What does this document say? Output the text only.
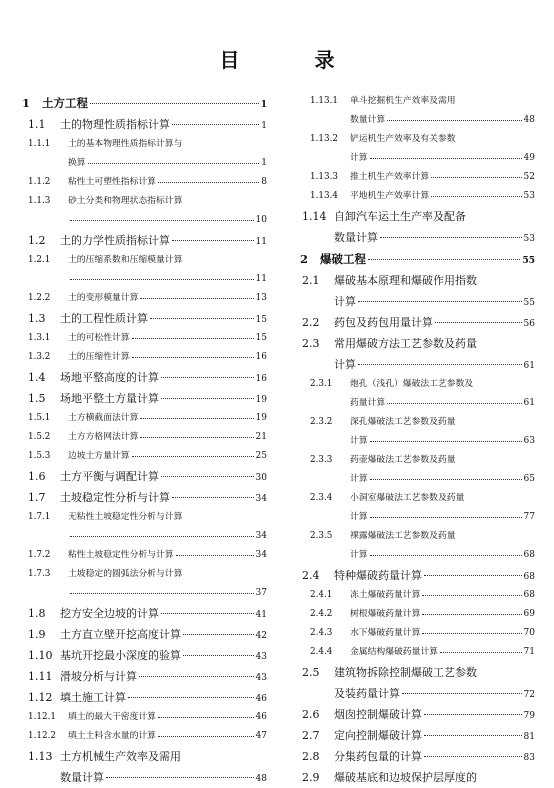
目 录
1	土方工程	1
1.1	土的物理性质指标计算	1
1.1.1	土的基本物理性质指标计算与
换算	1
1.1.2	粘性土可塑性指标计算	8
1.1.3	砂土分类和物理状态指标计算
10
1.2	土的力学性质指标计算	11
1.2.1	土的压缩系数和压缩模量计算
11
1.2.2	土的变形模量计算	13
1.3	土的工程性质计算	15
1.3.1	土的可松性计算	15
1.3.2	土的压缩性计算	16
1.4	场地平整高度的计算	16
1.5	场地平整土方量计算	19
1.5.1	土方横截面法计算	19
1.5.2	土方方格网法计算	21
1.5.3	边坡土方量计算	25
1.6	土方平衡与调配计算	30
1.7	土坡稳定性分析与计算	34
1.7.1	无粘性土坡稳定性分析与计算
34
1.7.2	粘性土坡稳定性分析与计算	34
1.7.3	土坡稳定的圆弧法分析与计算
37
1.8	挖方安全边坡的计算	41
1.9	土方直立壁开挖高度计算	42
1.10 基坑开挖最小深度的验算	43
1.11 滑坡分析与计算	43
1.12 填土施工计算	46
1.12.1	填土的最大干密度计算	46
1.12.2	填土土料含水量的计算	47
1.13 土方机械生产效率及需用
数量计算	48
1.13.1	单斗挖掘机生产效率及需用
数量计算	48
1.13.2	铲运机生产效率及有关参数
计算	49
1.13.3	推土机生产效率计算	52
1.13.4	平地机生产效率计算	53
1.14 自卸汽车运土生产率及配备
数量计算	53
2	爆破工程	55
2.1	爆破基本原理和爆破作用指数
计算	55
2.2	药包及药包用量计算	56
2.3	常用爆破方法工艺参数及药量
计算	61
2.3.1	炮孔（浅孔）爆破法工艺参数及
药量计算	61
2.3.2	深孔爆破法工艺参数及药量
计算	63
2.3.3	药壶爆破法工艺参数及药量
计算	65
2.3.4	小洞室爆破法工艺参数及药量
计算	77
2.3.5	裸露爆破法工艺参数及药量
计算	68
2.4	特种爆破药量计算	68
2.4.1	冻土爆破药量计算	68
2.4.2	树根爆破药量计算	69
2.4.3	水下爆破药量计算	70
2.4.4	金属结构爆破药量计算	71
2.5	建筑物拆除控制爆破工艺参数
及装药量计算	72
2.6	烟囱控制爆破计算	79
2.7	定向控制爆破计算	81
2.8	分集药包量的计算	83
2.9	爆破基底和边坡保护层厚度的
